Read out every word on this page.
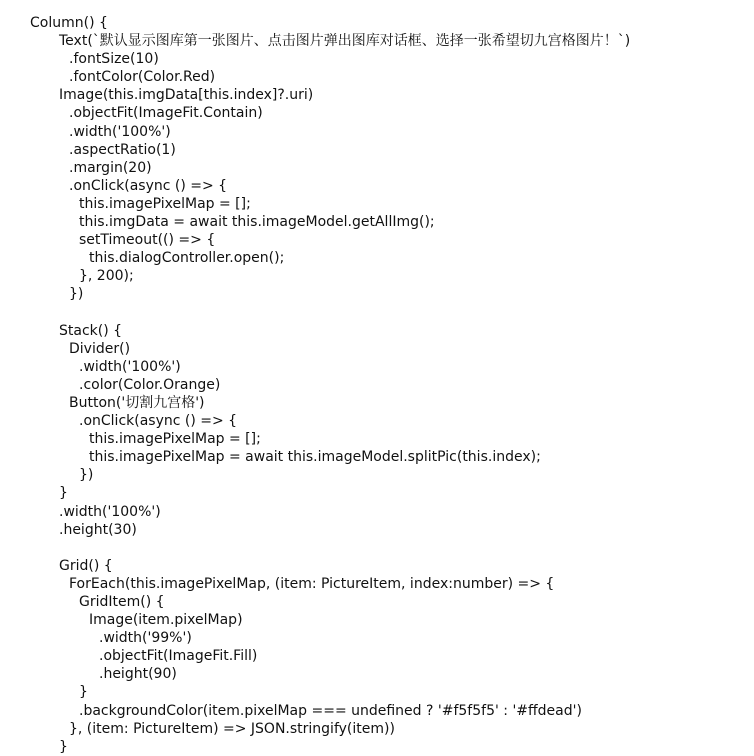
Column() {
Text(`默认显示图库第一张图片、点击图片弹出图库对话框、选择一张希望切九宫格图片！`)
.fontSize(10)
.fontColor(Color.Red)
Image(this.imgData[this.index]?.uri)
.objectFit(ImageFit.Contain)
.width('100%')
.aspectRatio(1)
.margin(20)
.onClick(async () => {
this.imagePixelMap = [];
this.imgData = await this.imageModel.getAllImg();
setTimeout(() => {
this.dialogController.open();
}, 200);
})
Stack() {
Divider()
.width('100%')
.color(Color.Orange)
Button('切割九宫格')
.onClick(async () => {
this.imagePixelMap = [];
this.imagePixelMap = await this.imageModel.splitPic(this.index);
})
}
.width('100%')
.height(30)
Grid() {
ForEach(this.imagePixelMap, (item: PictureItem, index:number) => {
GridItem() {
Image(item.pixelMap)
.width('99%')
.objectFit(ImageFit.Fill)
.height(90)
}
.backgroundColor(item.pixelMap === undefined ? '#f5f5f5' : '#ffdead')
}, (item: PictureItem) => JSON.stringify(item))
}
